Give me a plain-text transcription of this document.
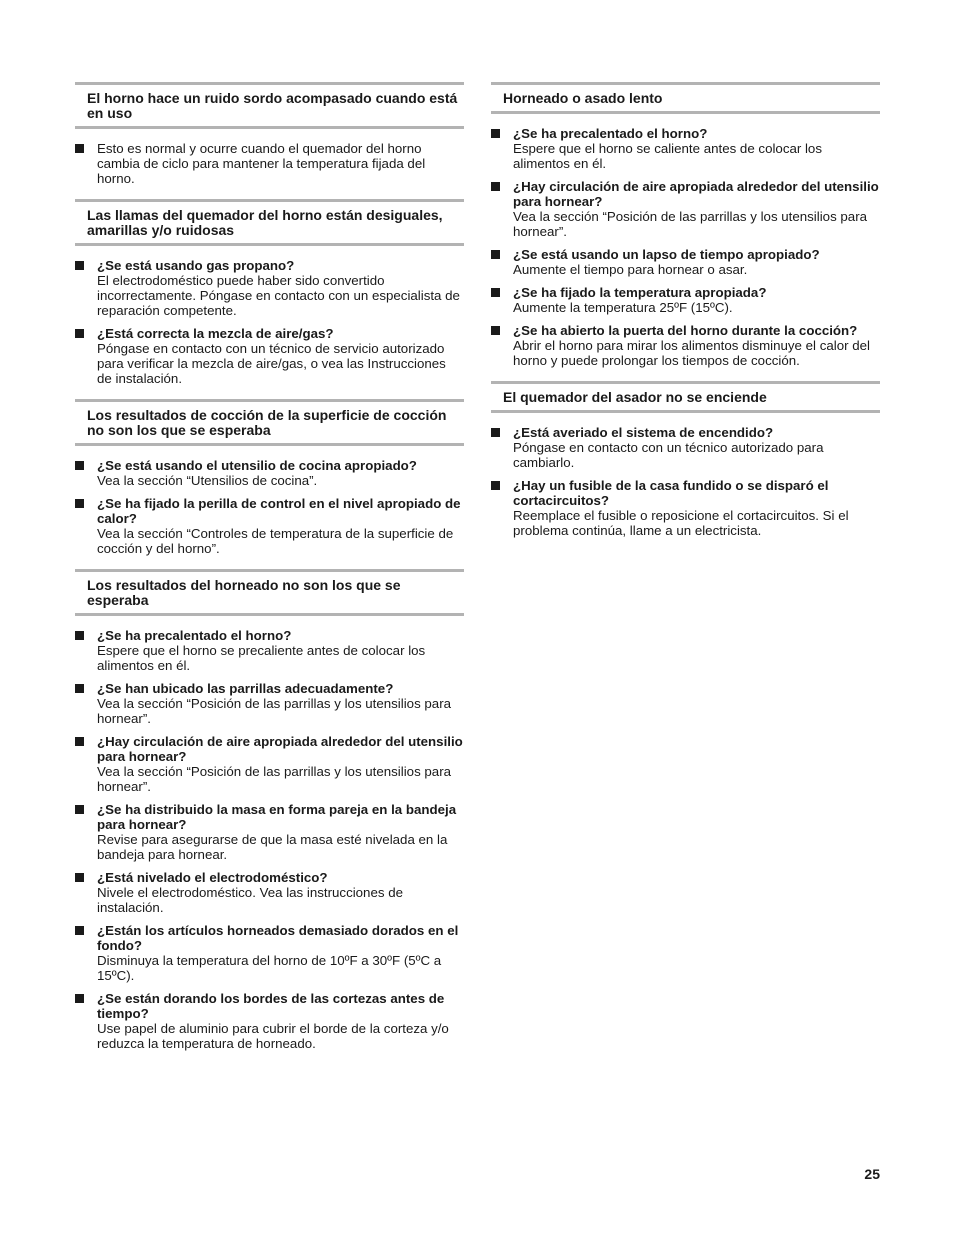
El horno hace un ruido sordo acompasado cuando está en uso
Esto es normal y ocurre cuando el quemador del horno cambia de ciclo para mantener la temperatura fijada del horno.
Las llamas del quemador del horno están desiguales, amarillas y/o ruidosas
¿Se está usando gas propano?
El electrodoméstico puede haber sido convertido incorrectamente. Póngase en contacto con un especialista de reparación competente.
¿Está correcta la mezcla de aire/gas?
Póngase en contacto con un técnico de servicio autorizado para verificar la mezcla de aire/gas, o vea las Instrucciones de instalación.
Los resultados de cocción de la superficie de cocción no son los que se esperaba
¿Se está usando el utensilio de cocina apropiado?
Vea la sección “Utensilios de cocina”.
¿Se ha fijado la perilla de control en el nivel apropiado de calor?
Vea la sección “Controles de temperatura de la superficie de cocción y del horno”.
Los resultados del horneado no son los que se esperaba
¿Se ha precalentado el horno?
Espere que el horno se precaliente antes de colocar los alimentos en él.
¿Se han ubicado las parrillas adecuadamente?
Vea la sección “Posición de las parrillas y los utensilios para hornear”.
¿Hay circulación de aire apropiada alrededor del utensilio para hornear?
Vea la sección “Posición de las parrillas y los utensilios para hornear”.
¿Se ha distribuido la masa en forma pareja en la bandeja para hornear?
Revise para asegurarse de que la masa esté nivelada en la bandeja para hornear.
¿Está nivelado el electrodoméstico?
Nivele el electrodoméstico. Vea las instrucciones de instalación.
¿Están los artículos horneados demasiado dorados en el fondo?
Disminuya la temperatura del horno de 10ºF a 30ºF (5ºC a 15ºC).
¿Se están dorando los bordes de las cortezas antes de tiempo?
Use papel de aluminio para cubrir el borde de la corteza y/o reduzca la temperatura de horneado.
Horneado o asado lento
¿Se ha precalentado el horno?
Espere que el horno se caliente antes de colocar los alimentos en él.
¿Hay circulación de aire apropiada alrededor del utensilio para hornear?
Vea la sección “Posición de las parrillas y los utensilios para hornear”.
¿Se está usando un lapso de tiempo apropiado?
Aumente el tiempo para hornear o asar.
¿Se ha fijado la temperatura apropiada?
Aumente la temperatura 25ºF (15ºC).
¿Se ha abierto la puerta del horno durante la cocción?
Abrir el horno para mirar los alimentos disminuye el calor del horno y puede prolongar los tiempos de cocción.
El quemador del asador no se enciende
¿Está averiado el sistema de encendido?
Póngase en contacto con un técnico autorizado para cambiarlo.
¿Hay un fusible de la casa fundido o se disparó el cortacircuitos?
Reemplace el fusible o reposicione el cortacircuitos. Si el problema continúa, llame a un electricista.
25
